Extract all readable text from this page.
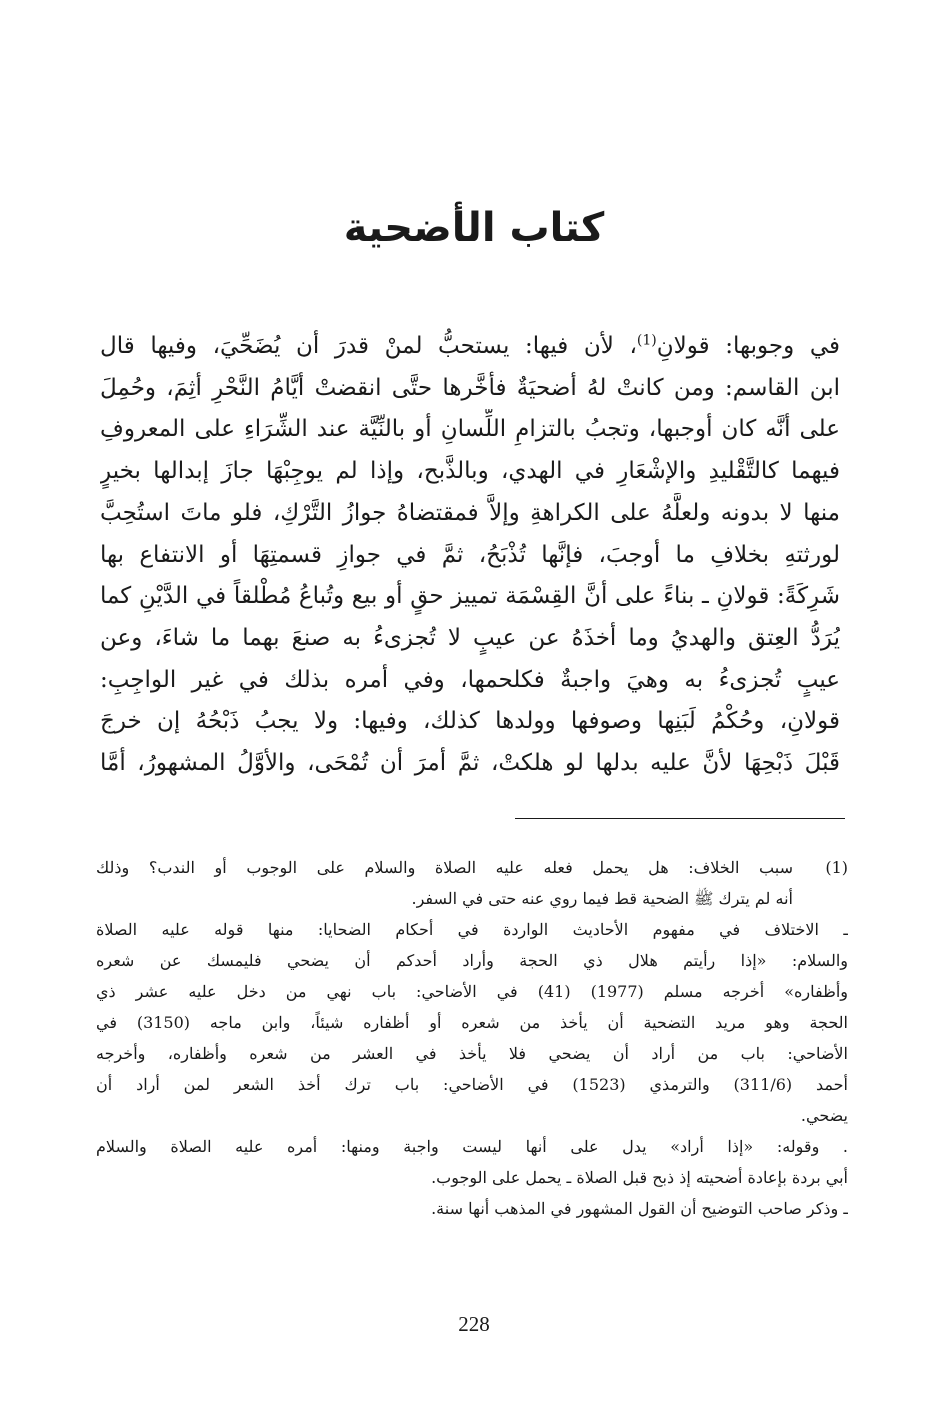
كتاب الأضحية
في وجوبها: قولانِ$^{(1)}$، لأن فيها: يستحبُّ لمنْ قدرَ أن يُضَحِّيَ، وفيها قال
ابن القاسم: ومن كانتْ لهُ أضحيَةٌ فأخَّرها حتَّى انقضتْ أيَّامُ النَّحْرِ أثِمَ، وحُمِلَ
على أنَّه كان أوجبها، وتجبُ بالتزامِ اللِّسانِ أو بالنِّيَّة عند الشِّرَاءِ على المعروفِ
فيهما كالتَّقْليدِ والإشْعَارِ في الهدي، وبالذَّبح، وإذا لم يوجِبْهَا جازَ إبدالها بخيرٍ
منها لا بدونه ولعلَّهُ على الكراهةِ وإلاَّ فمقتضاهُ جوازُ التَّرْكِ، فلو ماتَ استُحِبَّ
لورثتهِ بخلافِ ما أوجبَ، فإنَّها تُذْبَحُ، ثمَّ في جوازِ قسمتِهَا أو الانتفاع بها
شَرِكَةً: قولانِ ـ بناءً على أنَّ القِسْمَة تمييز حقٍ أو بيع وتُباعُ مُطْلقاً في الدَّيْنِ كما
يُرَدُّ العِتق والهديُ وما أخذَهُ عن عيبٍ لا تُجزىءُ به صنعَ بهما ما شاءَ، وعن
عيبٍ تُجزىءُ به وهيَ واجبةٌ فكلحمها، وفي أمره بذلك في غير الواجِبِ:
قولانِ، وحُكْمُ لَبَنِها وصوفها وولدها كذلك، وفيها: ولا يجبُ ذَبْحُهُ إن خرجَ
قَبْلَ ذَبْحِهَا لأنَّ عليه بدلها لو هلكتْ، ثمَّ أمرَ أن تُمْحَى، والأوَّلُ المشهورُ، أمَّا
(1)
سبب الخلاف: هل يحمل فعله عليه الصلاة والسلام على الوجوب أو الندب؟ وذلك
أنه لم يترك ﷺ الضحية قط فيما روي عنه حتى في السفر.
ـ الاختلاف في مفهوم الأحاديث الواردة في أحكام الضحايا: منها قوله عليه الصلاة
والسلام: «إذا رأيتم هلال ذي الحجة وأراد أحدكم أن يضحي فليمسك عن شعره
وأظفاره» أخرجه مسلم (1977) (41) في الأضاحي: باب نهي من دخل عليه عشر ذي
الحجة وهو مريد التضحية أن يأخذ من شعره أو أظفاره شيئاً، وابن ماجه (3150) في
الأضاحي: باب من أراد أن يضحي فلا يأخذ في العشر من شعره وأظفاره، وأخرجه
أحمد (311/6) والترمذي (1523) في الأضاحي: باب ترك أخذ الشعر لمن أراد أن
يضحي.
. وقوله: «إذا أراد» يدل على أنها ليست واجبة ومنها: أمره عليه الصلاة والسلام
أبي بردة بإعادة أضحيته إذ ذبح قبل الصلاة ـ يحمل على الوجوب.
ـ وذكر صاحب التوضيح أن القول المشهور في المذهب أنها سنة.
228
